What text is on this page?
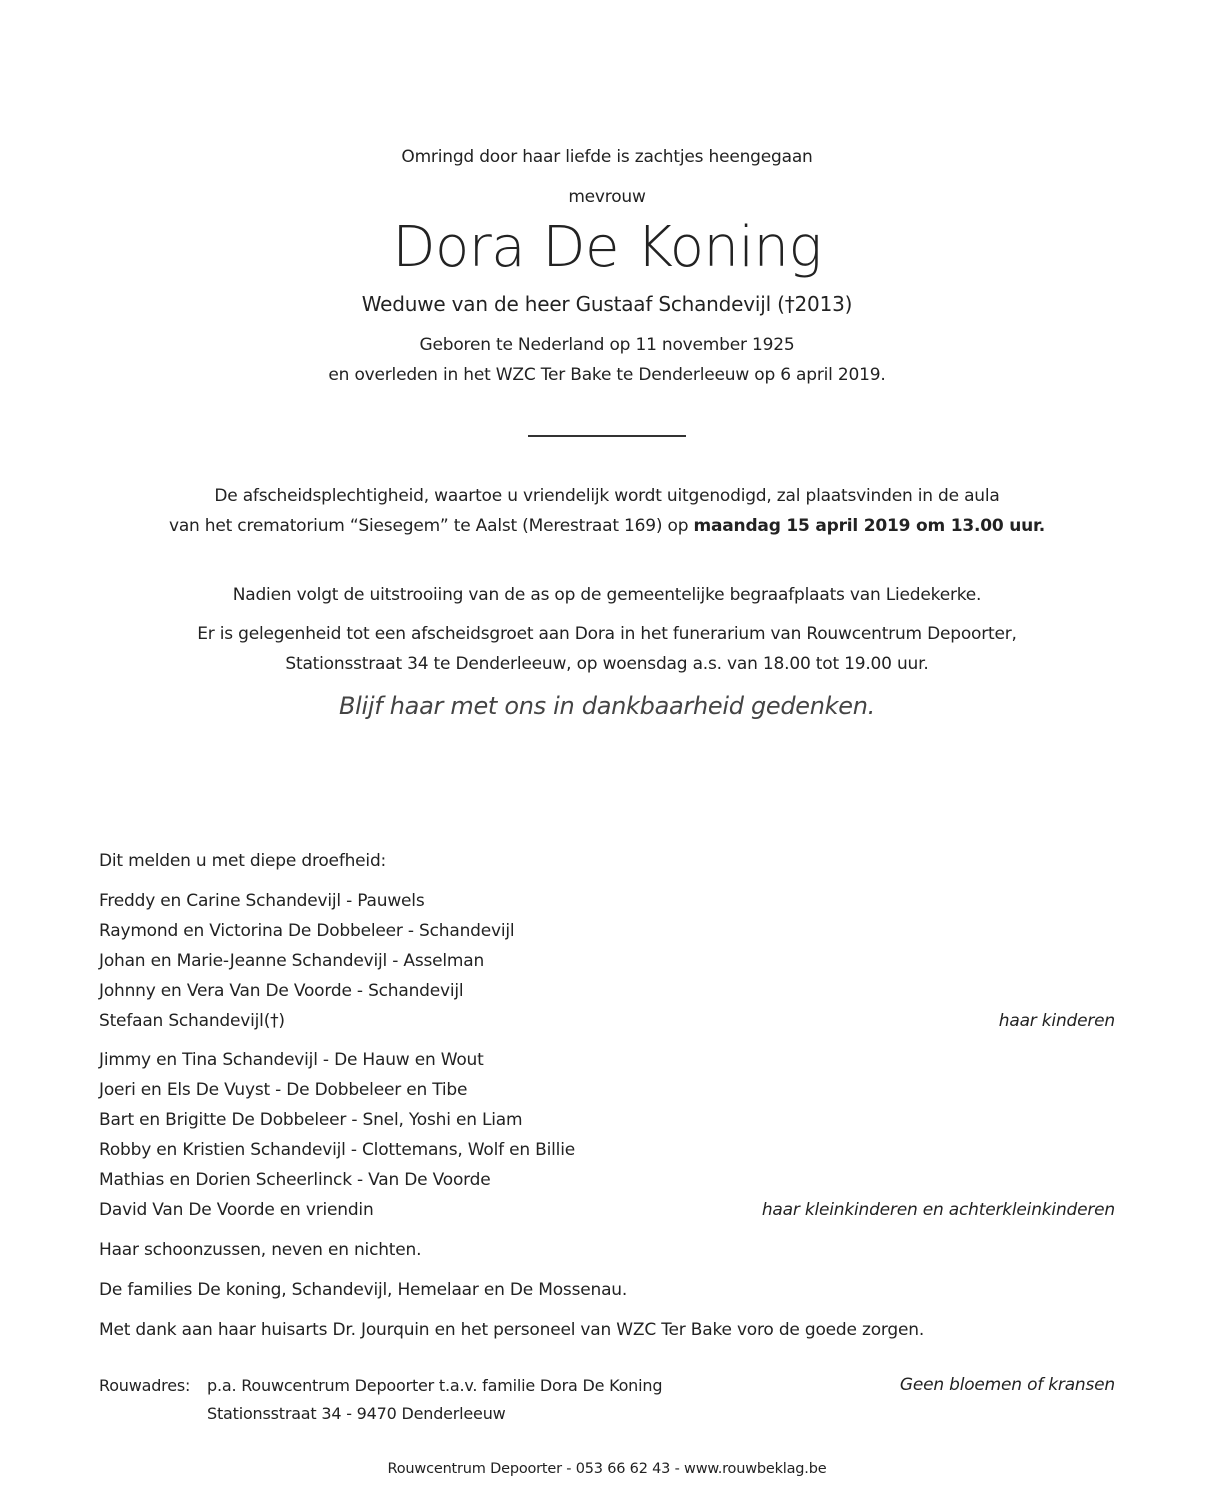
Omringd door haar liefde is zachtjes heengegaan
mevrouw
Dora De Koning
Weduwe van de heer Gustaaf Schandevijl (†2013)
Geboren te Nederland op 11 november 1925
en overleden in het WZC Ter Bake te Denderleeuw op 6 april 2019.
De afscheidsplechtigheid, waartoe u vriendelijk wordt uitgenodigd, zal plaatsvinden in de aula
van het crematorium “Siesegem” te Aalst (Merestraat 169) op maandag 15 april 2019 om 13.00 uur.
Nadien volgt de uitstrooiing van de as op de gemeentelijke begraafplaats van Liedekerke.
Er is gelegenheid tot een afscheidsgroet aan Dora in het funerarium van Rouwcentrum Depoorter,
Stationsstraat 34 te Denderleeuw, op woensdag a.s. van 18.00 tot 19.00 uur.
Blijf haar met ons in dankbaarheid gedenken.
Dit melden u met diepe droefheid:
Freddy en Carine Schandevijl - Pauwels
Raymond en Victorina De Dobbeleer - Schandevijl
Johan en Marie-Jeanne Schandevijl - Asselman
Johnny en Vera Van De Voorde - Schandevijl
Stefaan Schandevijl(†)	haar kinderen
Jimmy en Tina Schandevijl - De Hauw en Wout
Joeri en Els De Vuyst - De Dobbeleer en Tibe
Bart en Brigitte De Dobbeleer - Snel, Yoshi en Liam
Robby en Kristien Schandevijl - Clottemans, Wolf en Billie
Mathias en Dorien Scheerlinck - Van De Voorde
David Van De Voorde en vriendin	haar kleinkinderen en achterkleinkinderen
Haar schoonzussen, neven en nichten.
De families De koning, Schandevijl, Hemelaar en De Mossenau.
Met dank aan haar huisarts Dr. Jourquin en het personeel van WZC Ter Bake voro de goede zorgen.
Rouwadres: p.a. Rouwcentrum Depoorter t.a.v. familie Dora De Koning
Stationsstraat 34 - 9470 Denderleeuw
Geen bloemen of kransen
Rouwcentrum Depoorter - 053 66 62 43 - www.rouwbeklag.be
